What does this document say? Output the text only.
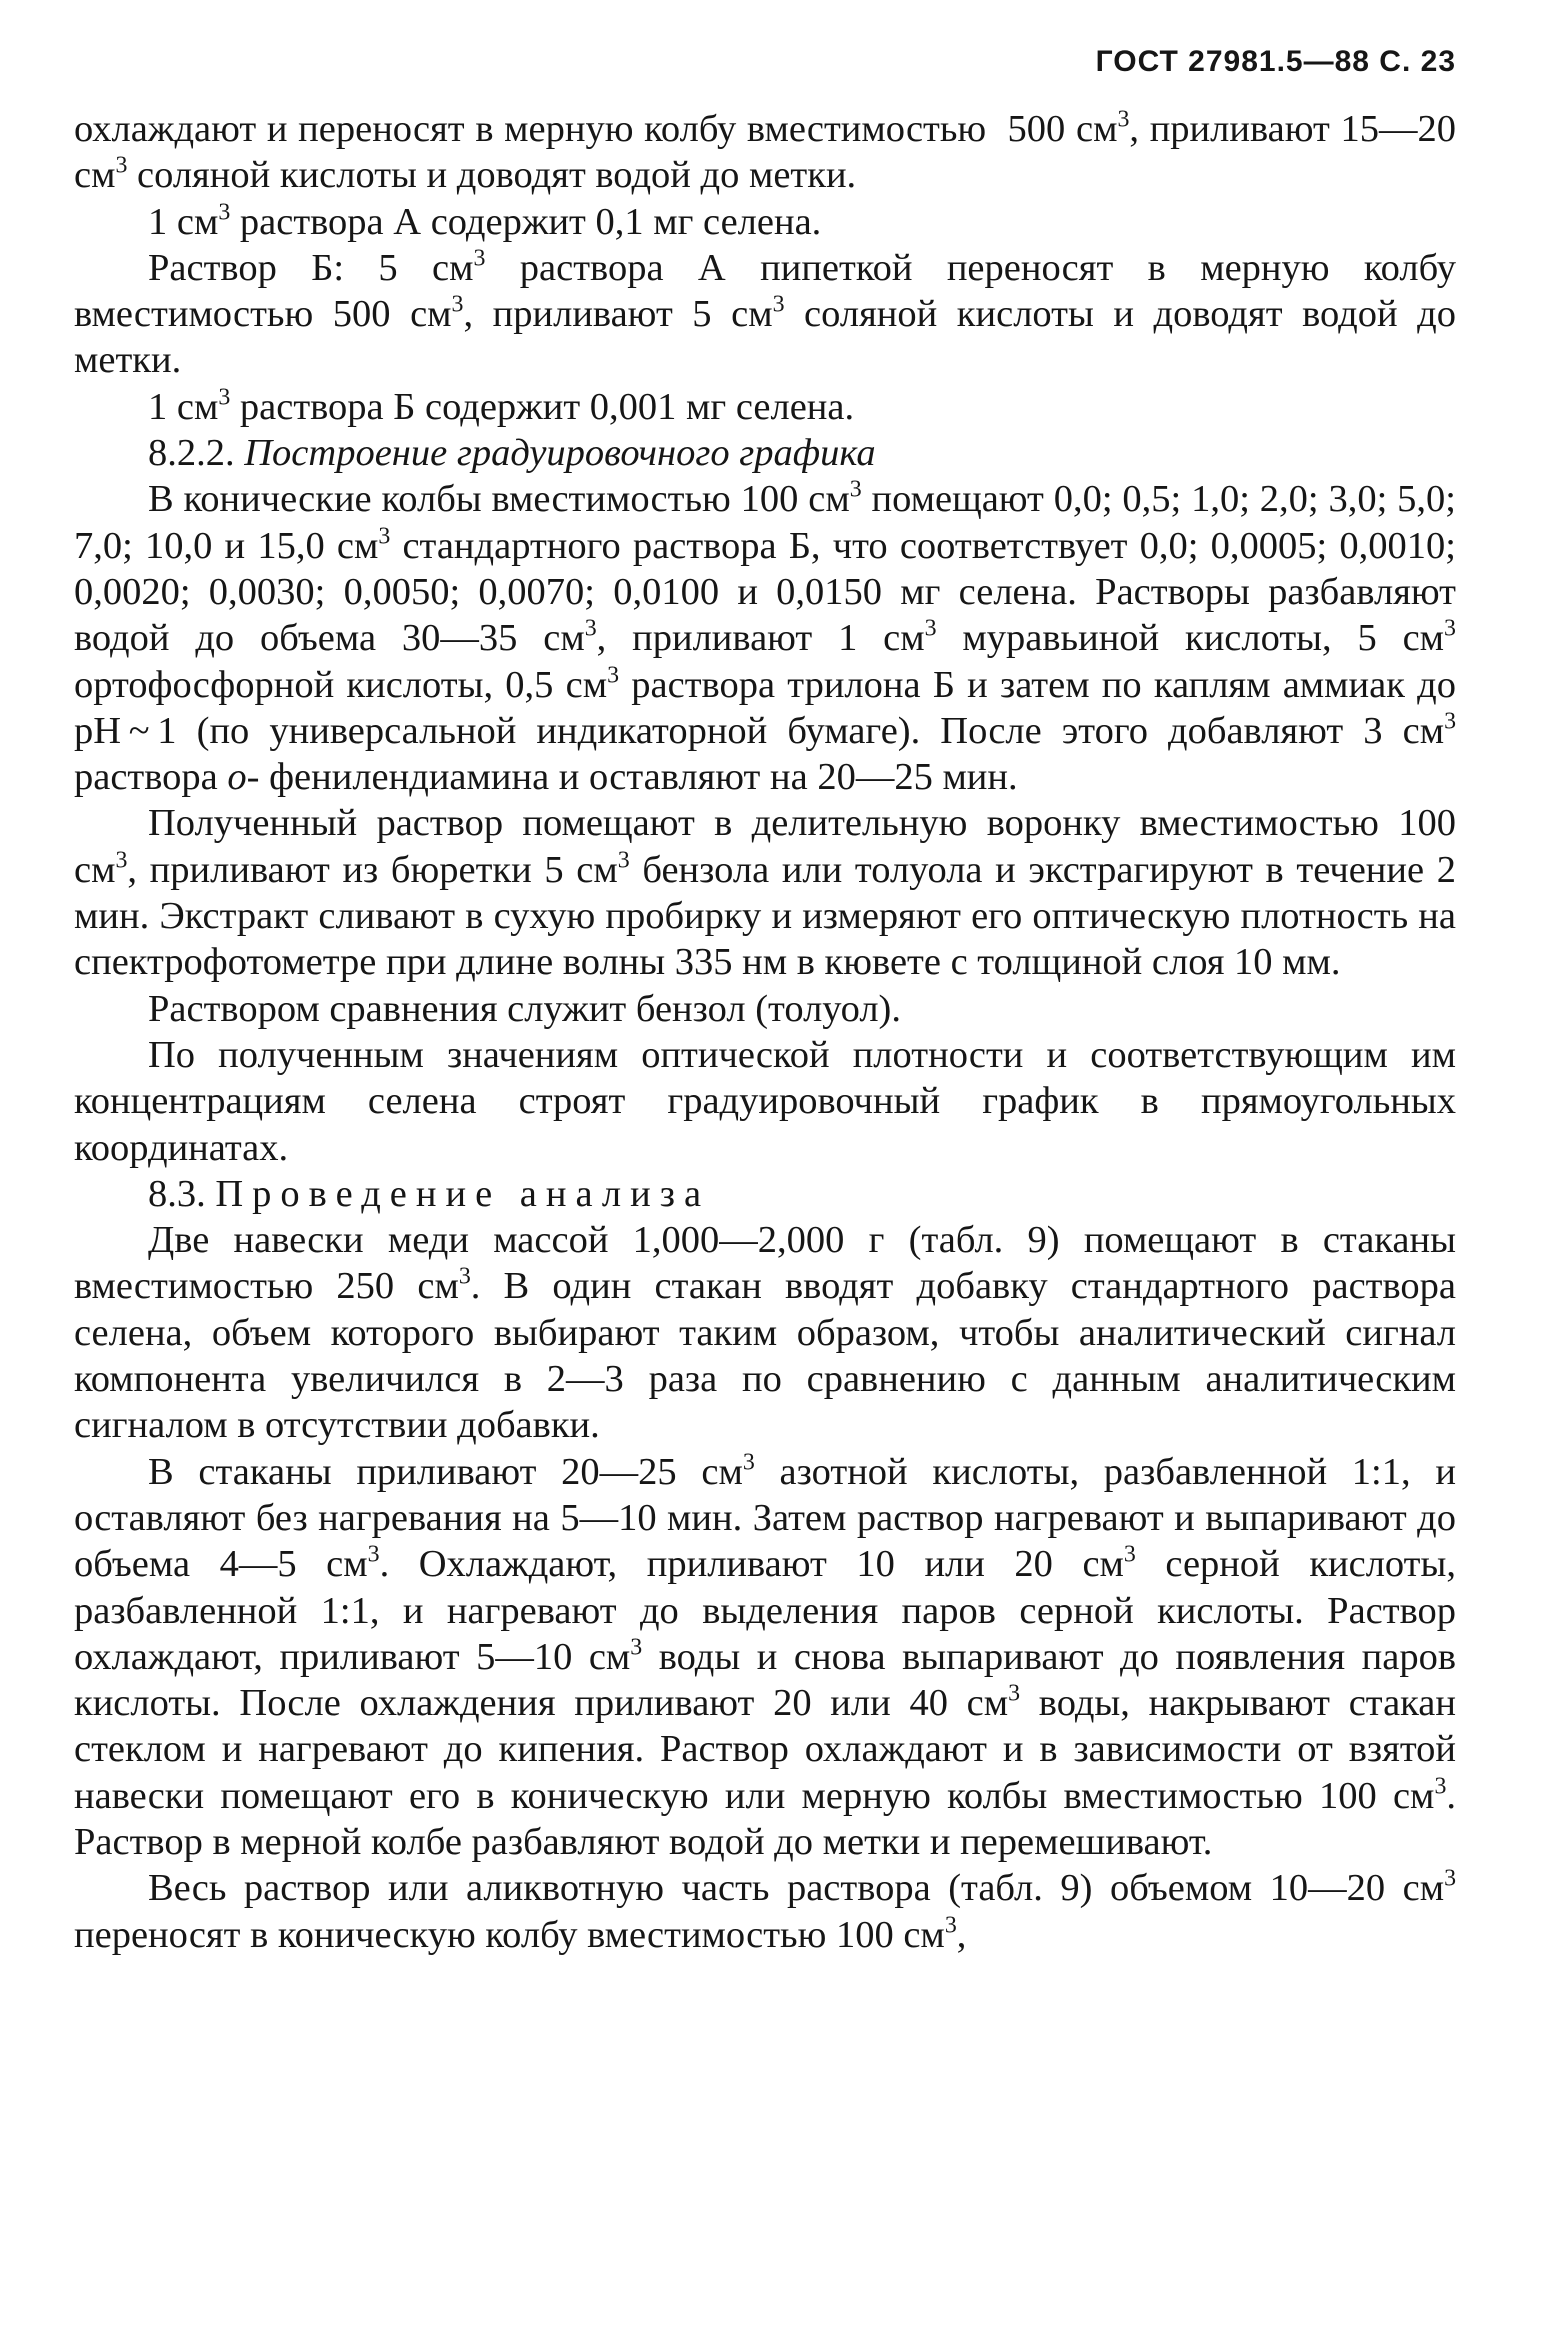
ГОСТ 27981.5—88 С. 23

охлаждают и переносят в мерную колбу вместимостью  500 $см^3$, приливают 15—20 $см^3$ соляной кислоты и доводят водой до метки.

1 $см^3$ раствора А содержит 0,1 мг селена.

Раствор Б: 5 $см^3$ раствора А пипеткой переносят в мерную колбу вместимостью 500 $см^3$, приливают 5 $см^3$ соляной кислоты и доводят водой до метки.

1 $см^3$ раствора Б содержит 0,001 мг селена.

8.2.2. Построение градуировочного графика

В конические колбы вместимостью 100 $см^3$ помещают 0,0; 0,5; 1,0; 2,0; 3,0; 5,0; 7,0; 10,0 и 15,0 $см^3$ стандартного раствора Б, что соответствует 0,0; 0,0005; 0,0010; 0,0020; 0,0030; 0,0050; 0,0070; 0,0100 и 0,0150 мг селена. Растворы разбавляют водой до объема 30—35 $см^3$, приливают 1 $см^3$ муравьиной кислоты, 5 $см^3$ ортофосфорной кислоты, 0,5 $см^3$ раствора трилона Б и затем по каплям аммиак до pH ~ 1 (по универсальной индикаторной бумаге). После этого добавляют 3 $см^3$ раствора о- фенилендиамина и оставляют на 20—25 мин.

Полученный раствор помещают в делительную воронку вместимостью 100 $см^3$, приливают из бюретки 5 $см^3$ бензола или толуола и экстрагируют в течение 2 мин. Экстракт сливают в сухую пробирку и измеряют его оптическую плотность на спектрофотометре при длине волны 335 нм в кювете с толщиной слоя 10 мм.

Раствором сравнения служит бензол (толуол).

По полученным значениям оптической плотности и соответствующим им концентрациям селена строят градуировочный график в прямоугольных координатах.

8.3. Проведение анализа

Две навески меди массой 1,000—2,000 г (табл. 9) помещают в стаканы вместимостью 250 $см^3$. В один стакан вводят добавку стандартного раствора селена, объем которого выбирают таким образом, чтобы аналитический сигнал компонента увеличился в 2—3 раза по сравнению с данным аналитическим сигналом в отсутствии добавки.

В стаканы приливают 20—25 $см^3$ азотной кислоты, разбавленной 1:1, и оставляют без нагревания на 5—10 мин. Затем раствор нагревают и выпаривают до объема 4—5 $см^3$. Охлаждают, приливают 10 или 20 $см^3$ серной кислоты, разбавленной 1:1, и нагревают до выделения паров серной кислоты. Раствор охлаждают, приливают 5—10 $см^3$ воды и снова выпаривают до появления паров кислоты. После охлаждения приливают 20 или 40 $см^3$ воды, накрывают стакан стеклом и нагревают до кипения. Раствор охлаждают и в зависимости от взятой навески помещают его в коническую или мерную колбы вместимостью 100 $см^3$. Раствор в мерной колбе разбавляют водой до метки и перемешивают.

Весь раствор или аликвотную часть раствора (табл. 9) объемом 10—20 $см^3$ переносят в коническую колбу вместимостью 100 $см^3$,
